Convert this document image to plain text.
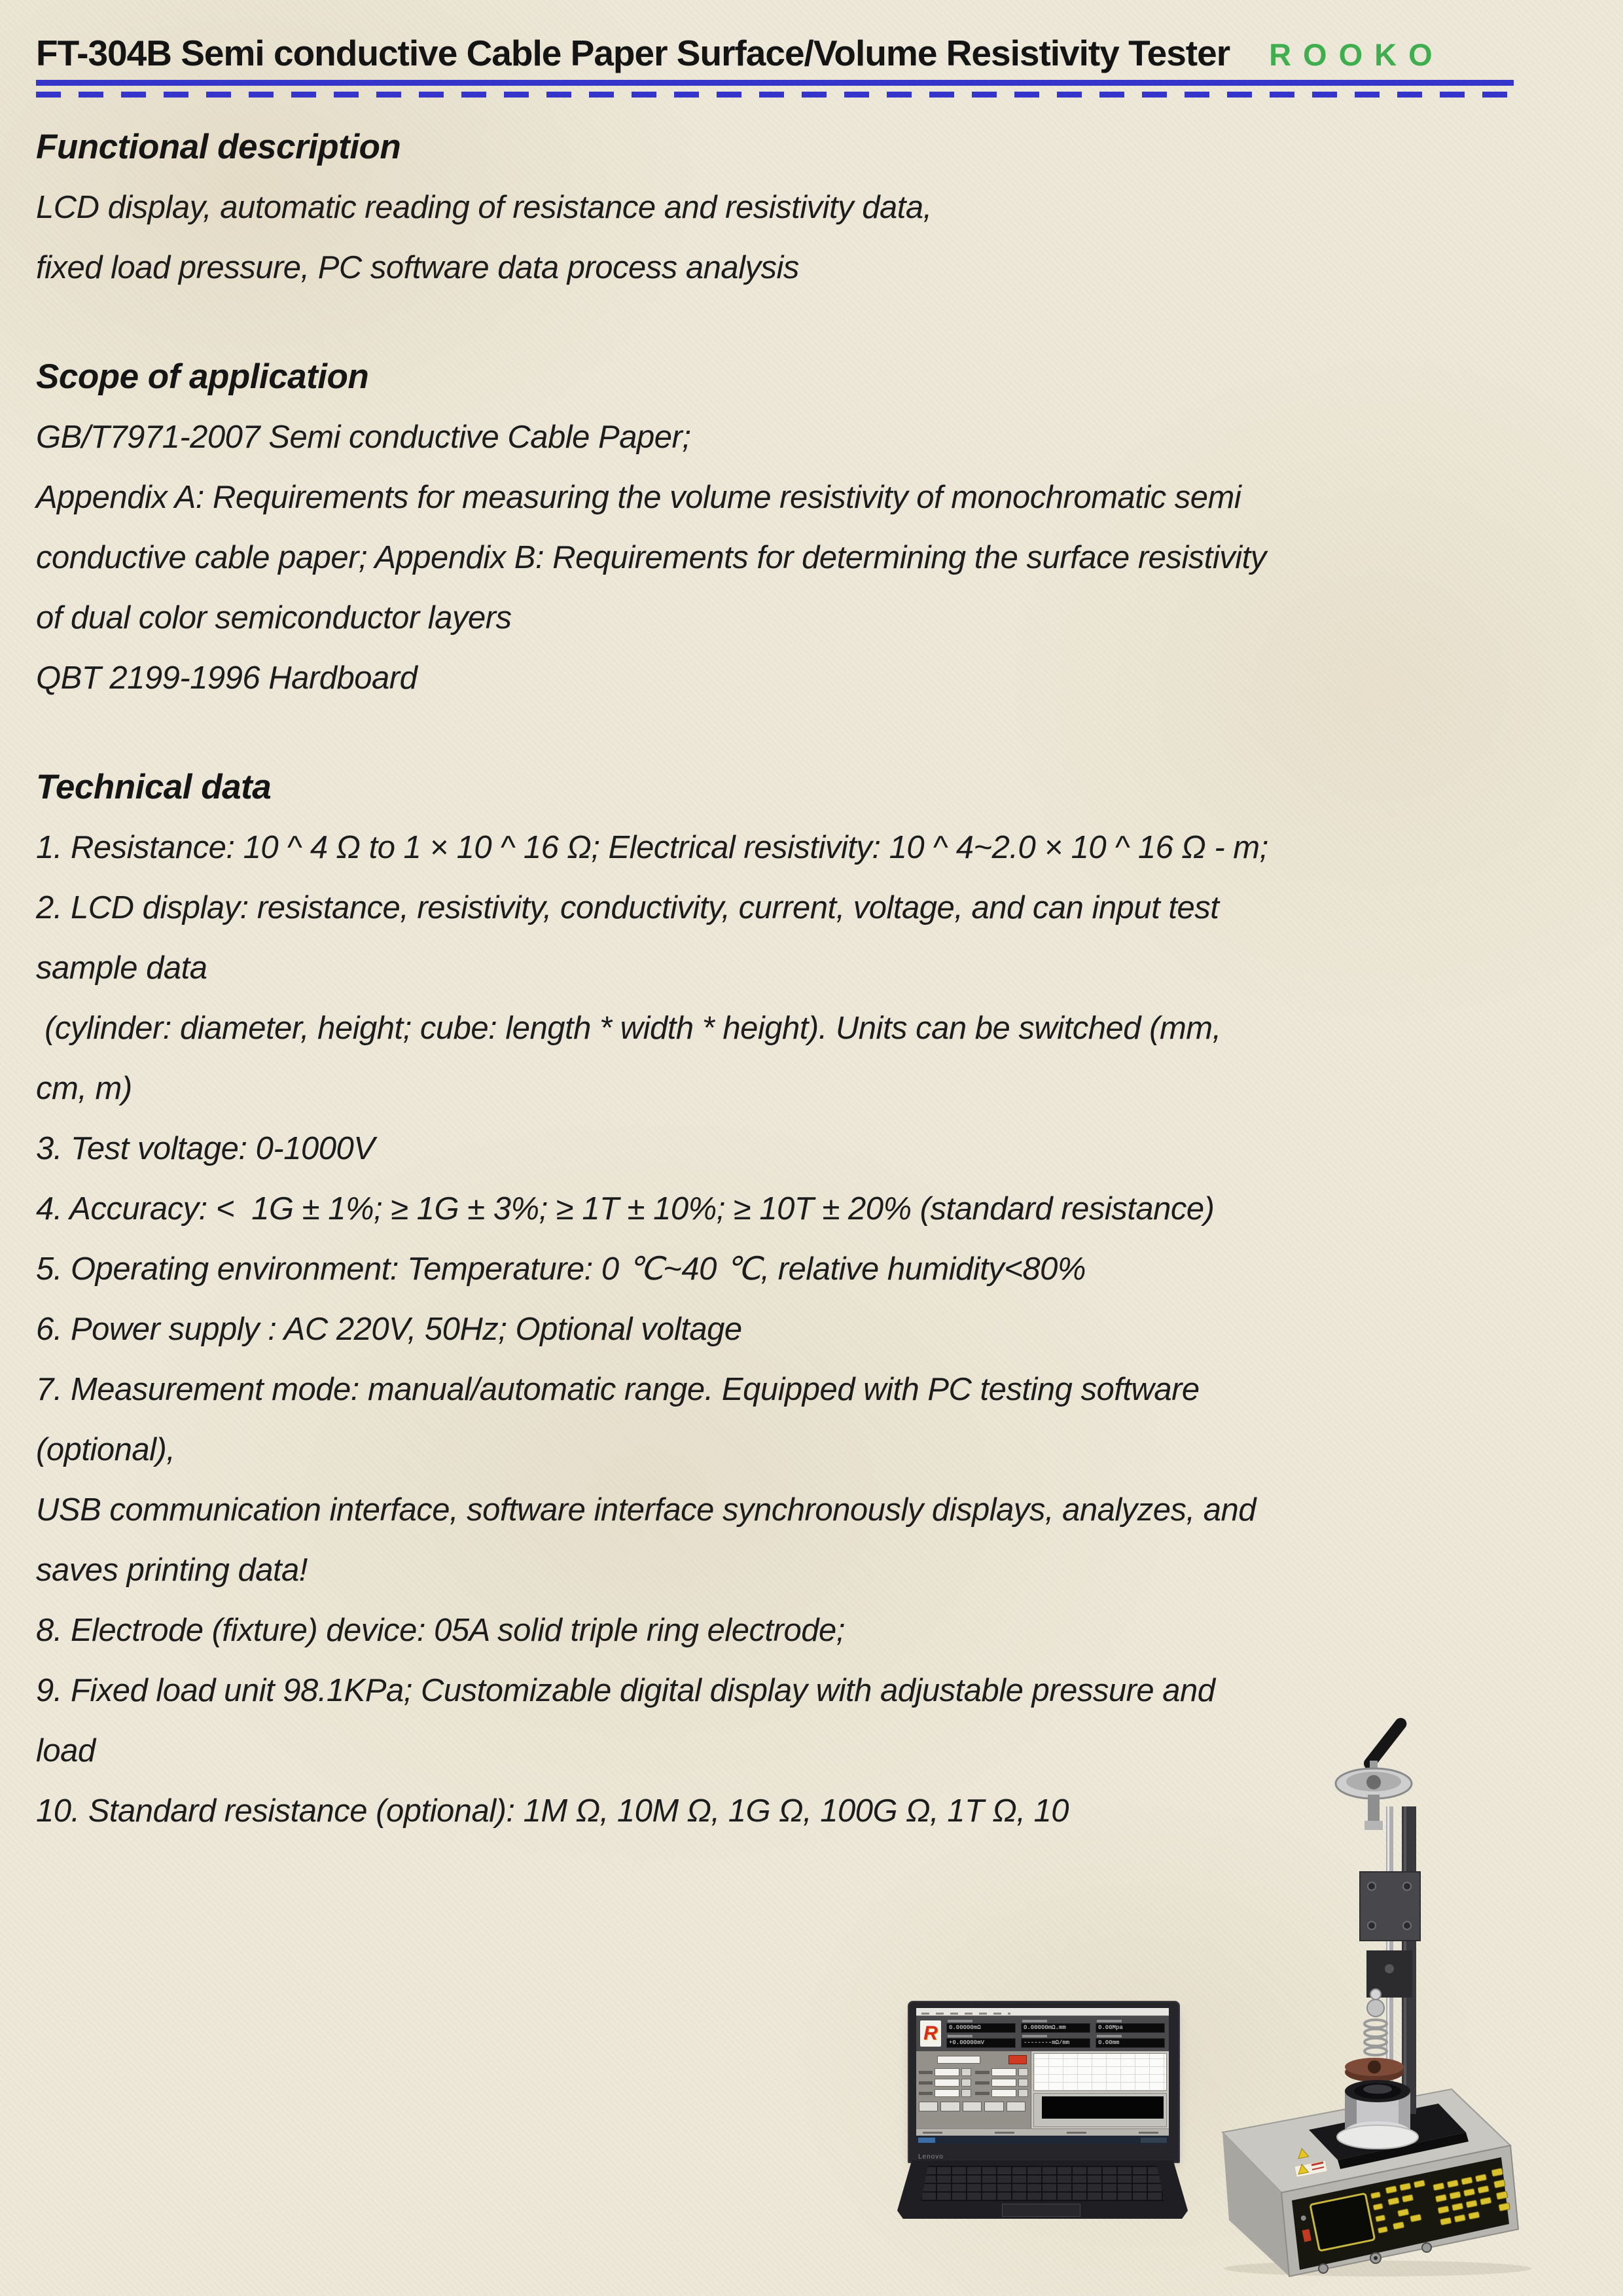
FT-304B Semi conductive Cable Paper Surface/Volume Resistivity Tester ROOKO
Functional description
LCD display, automatic reading of resistance and resistivity data,
fixed load pressure, PC software data process analysis
Scope of application
GB/T7971-2007 Semi conductive Cable Paper;
Appendix A: Requirements for measuring the volume resistivity of monochromatic semi
conductive cable paper; Appendix B: Requirements for determining the surface resistivity
of dual color semiconductor layers
QBT 2199-1996 Hardboard
Technical data
1. Resistance: 10 ^ 4 Ω to 1 × 10 ^ 16 Ω; Electrical resistivity: 10 ^ 4~2.0 × 10 ^ 16 Ω - m;
2. LCD display: resistance, resistivity, conductivity, current, voltage, and can input test
sample data
(cylinder: diameter, height; cube: length * width * height). Units can be switched (mm,
cm, m)
3. Test voltage: 0-1000V
4. Accuracy: <  1G ± 1%; ≥ 1G ± 3%; ≥ 1T ± 10%; ≥ 10T ± 20% (standard resistance)
5. Operating environment: Temperature: 0 ℃~40 ℃, relative humidity<80%
6. Power supply : AC 220V, 50Hz; Optional voltage
7. Measurement mode: manual/automatic range. Equipped with PC testing software
(optional),
USB communication interface, software interface synchronously displays, analyzes, and
saves printing data!
8. Electrode (fixture) device: 05A solid triple ring electrode;
9. Fixed load unit 98.1KPa; Customizable digital display with adjustable pressure and
load
10. Standard resistance (optional): 1M Ω, 10M Ω, 1G Ω, 100G Ω, 1T Ω, 10
R	0.00000mΩ	0.00000mΩ.mm	0.00Mpa
+0.00000mV	--------mΩ/mm	0.00mm
Lenovo
